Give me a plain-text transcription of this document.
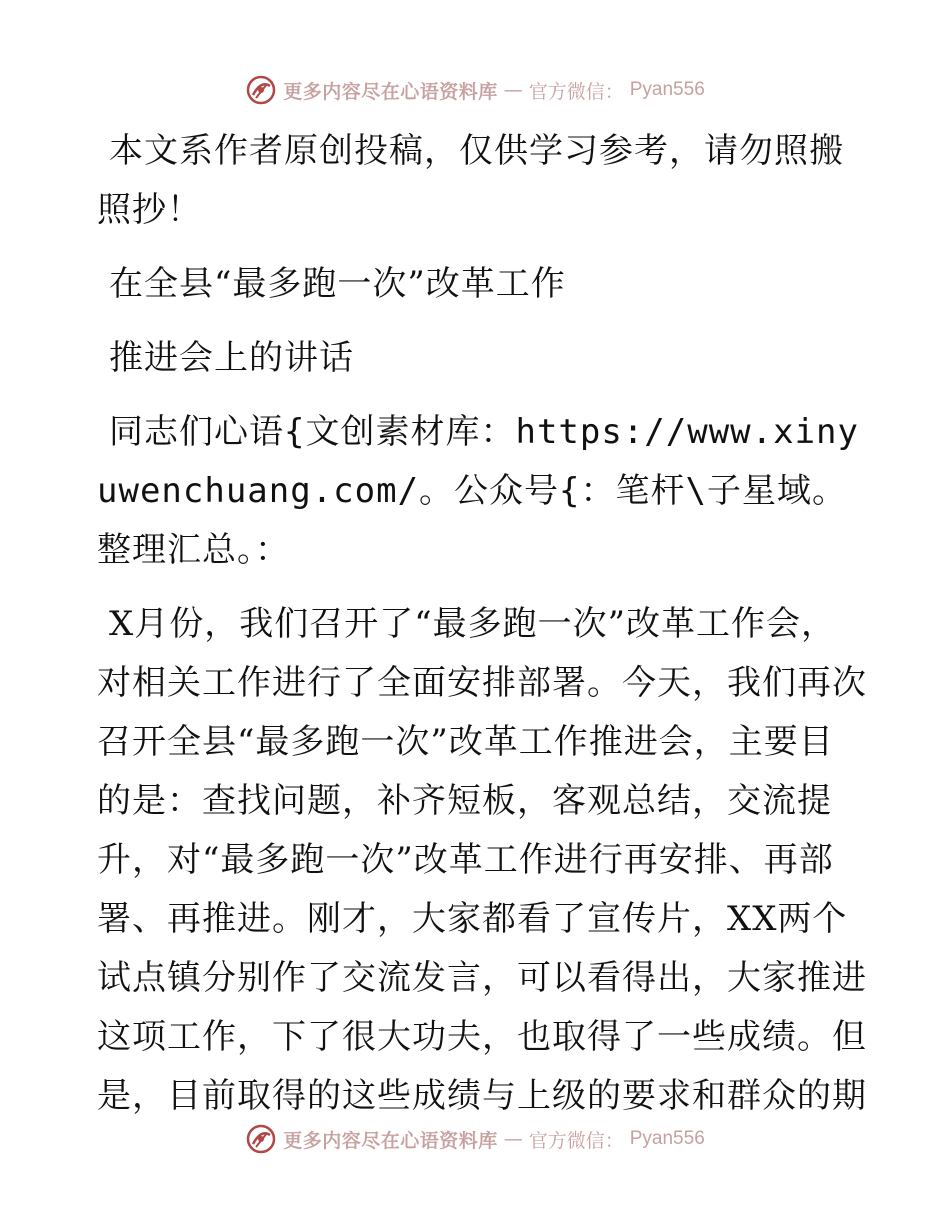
更多内容尽在心语资料库 — 官方微信： Pyan556

本文系作者原创投稿，仅供学习参考，请勿照搬照抄！

在全县“最多跑一次”改革工作

推进会上的讲话

同志们心语{文创素材库：https://www.xinyuwenchuang.com/。公众号{：笔杆\子星域。整理汇总。：

X月份，我们召开了“最多跑一次”改革工作会，对相关工作进行了全面安排部署。今天，我们再次召开全县“最多跑一次”改革工作推进会，主要目的是：查找问题，补齐短板，客观总结，交流提升，对“最多跑一次”改革工作进行再安排、再部署、再推进。刚才，大家都看了宣传片，XX两个试点镇分别作了交流发言，可以看得出，大家推进这项工作，下了很大功夫，也取得了一些成绩。但是，目前取得的这些成绩与上级的要求和群众的期

更多内容尽在心语资料库 — 官方微信： Pyan556
